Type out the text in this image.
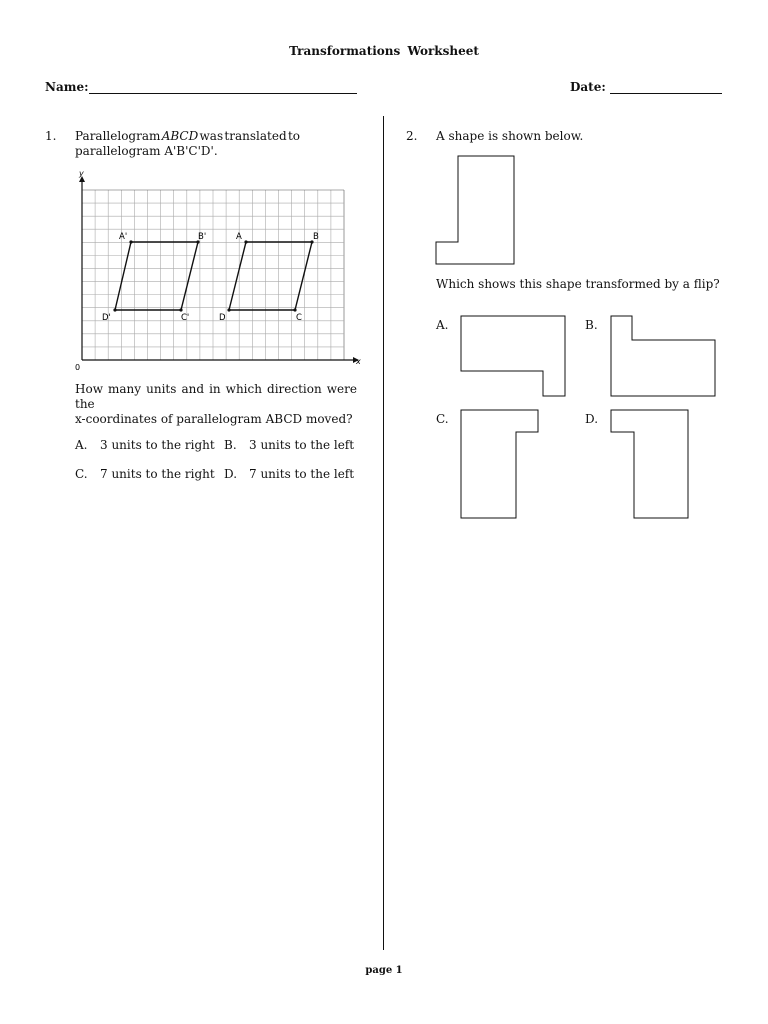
Transformations Worksheet
Name:	Date:
1. Parallelogram ABCD was translated to
parallelogram A'B'C'D'.
x
y
0
A'	B'
C'
D'
A	B
C
D
How many units and in which direction were the
x-coordinates of parallelogram ABCD moved?
A. 3 units to the right B. 3 units to the left
C. 7 units to the right D. 7 units to the left
2. A shape is shown below.
Which shows this shape transformed by a flip?
A.	B.
C.	D.
page 1
